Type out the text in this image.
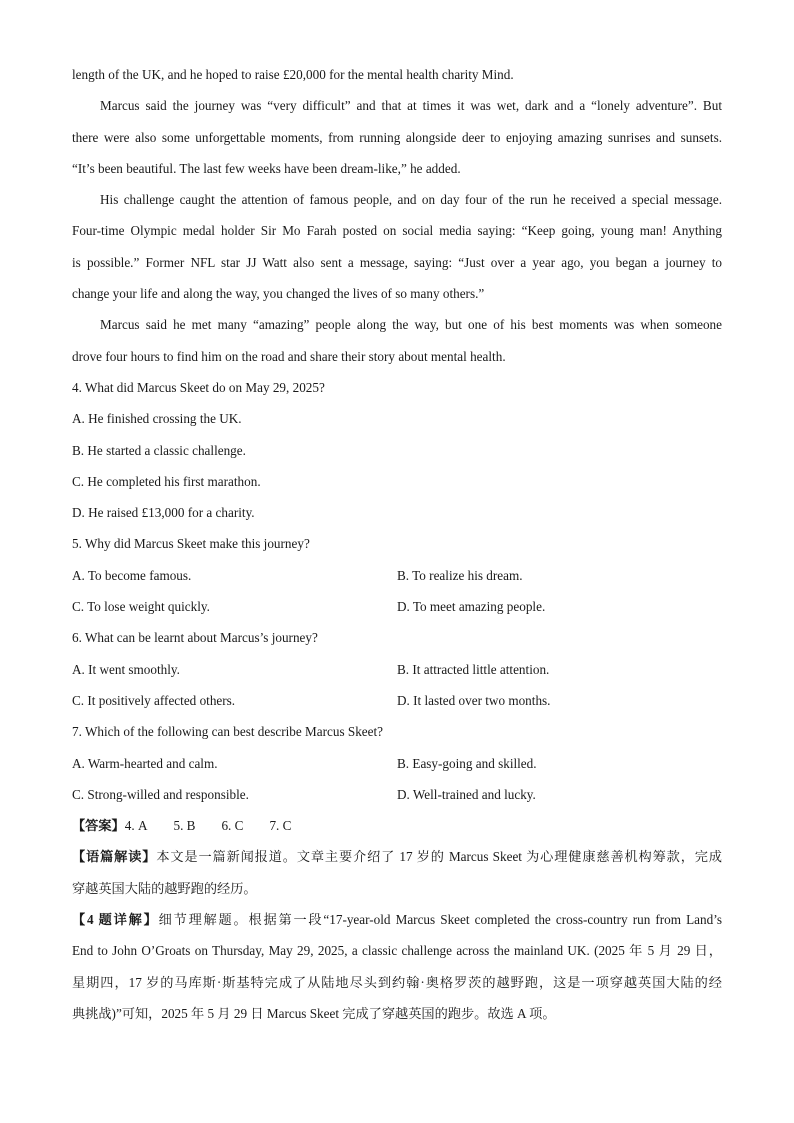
length of the UK, and he hoped to raise £20,000 for the mental health charity Mind.
Marcus said the journey was “very difficult” and that at times it was wet, dark and a “lonely adventure”. But
there were also some unforgettable moments, from running alongside deer to enjoying amazing sunrises and sunsets.
“It’s been beautiful. The last few weeks have been dream-like,” he added.
His challenge caught the attention of famous people, and on day four of the run he received a special message.
Four-time Olympic medal holder Sir Mo Farah posted on social media saying: “Keep going, young man! Anything
is possible.” Former NFL star JJ Watt also sent a message, saying: “Just over a year ago, you began a journey to
change your life and along the way, you changed the lives of so many others.”
Marcus said he met many “amazing” people along the way, but one of his best moments was when someone
drove four hours to find him on the road and share their story about mental health.
4. What did Marcus Skeet do on May 29, 2025?
A. He finished crossing the UK.
B. He started a classic challenge.
C. He completed his first marathon.
D. He raised £13,000 for a charity.
5. Why did Marcus Skeet make this journey?
A. To become famous.	B. To realize his dream.
C. To lose weight quickly.	D. To meet amazing people.
6. What can be learnt about Marcus’s journey?
A. It went smoothly.	B. It attracted little attention.
C. It positively affected others.	D. It lasted over two months.
7. Which of the following can best describe Marcus Skeet?
A. Warm-hearted and calm.	B. Easy-going and skilled.
C. Strong-willed and responsible.	D. Well-trained and lucky.
【答案】4. A 5. B 6. C 7. C
【语篇解读】本文是一篇新闻报道。文章主要介绍了 17 岁的 Marcus Skeet 为心理健康慈善机构筹款，完成
穿越英国大陆的越野跑的经历。
【4 题详解】细节理解题。根据第一段“17-year-old Marcus Skeet completed the cross-country run from Land’s
End to John O’Groats on Thursday, May 29, 2025, a classic challenge across the mainland UK. (2025 年 5 月 29 日，
星期四，17 岁的马库斯·斯基特完成了从陆地尽头到约翰·奥格罗茨的越野跑，这是一项穿越英国大陆的经
典挑战)”可知，2025 年 5 月 29 日 Marcus Skeet 完成了穿越英国的跑步。故选 A 项。
